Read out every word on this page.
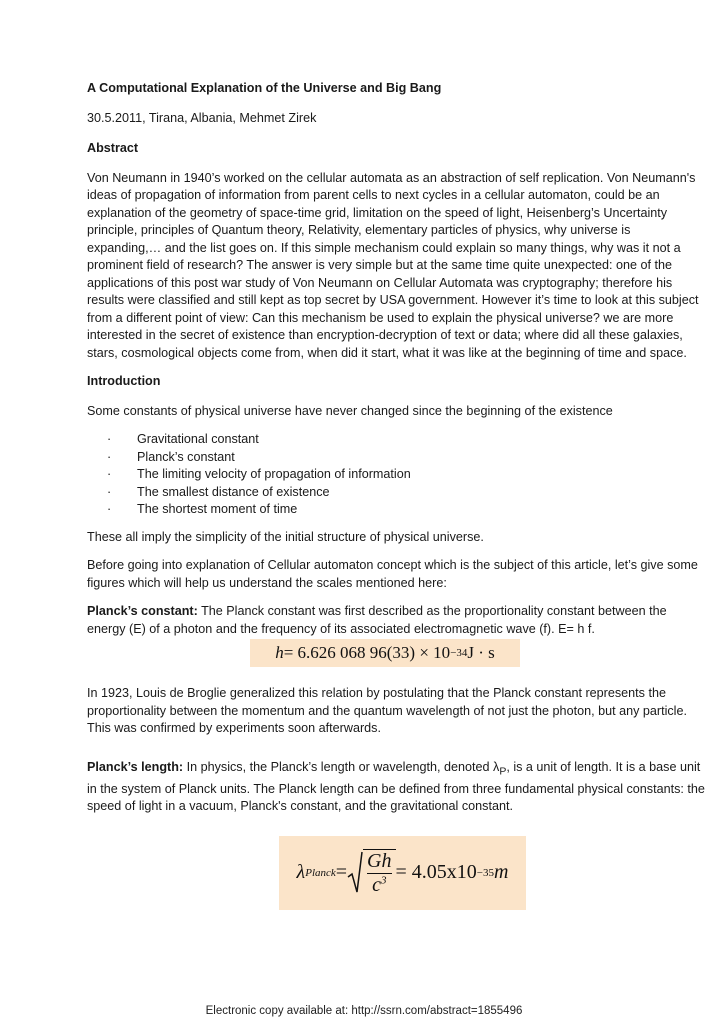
A Computational Explanation of the Universe and Big Bang

30.5.2011, Tirana, Albania, Mehmet Zirek

Abstract

Von Neumann in 1940’s worked on the cellular automata as an abstraction of self replication. Von Neumann's ideas of propagation of information from parent cells to next cycles in a cellular automaton, could be an explanation of the geometry of space-time grid, limitation on the speed of light, Heisenberg’s Uncertainty principle, principles of Quantum theory, Relativity, elementary particles of physics, why universe is expanding,… and the list goes on. If this simple mechanism could explain so many things, why was it not a prominent field of research? The answer is very simple but at the same time quite unexpected: one of the applications of this post war study of Von Neumann on Cellular Automata was cryptography; therefore his results were classified and still kept as top secret by USA government. However it’s time to look at this subject from a different point of view: Can this mechanism be used to explain the physical universe? we are more interested in the secret of existence than encryption-decryption of text or data; where did all these galaxies, stars, cosmological objects come from, when did it start, what it was like at the beginning of time and space.

Introduction

Some constants of physical universe have never changed since the beginning of the existence

· Gravitational constant
· Planck’s constant
· The limiting velocity of propagation of information
· The smallest distance of existence
· The shortest moment of time

These all imply the simplicity of the initial structure of physical universe.

Before going into explanation of Cellular automaton concept which is the subject of this article, let’s give some figures which will help us understand the scales mentioned here:

Planck’s constant: The Planck constant was first described as the proportionality constant between the energy (E) of a photon and the frequency of its associated electromagnetic wave (f). E= h f.

h = 6.626 068 96(33) × 10 −34 J · s

In 1923, Louis de Broglie generalized this relation by postulating that the Planck constant represents the proportionality between the momentum and the quantum wavelength of not just the photon, but any particle. This was confirmed by experiments soon afterwards.

Planck’s length: In physics, the Planck’s length or wavelength, denoted $\lambda_P$, is a unit of length. It is a base unit in the system of Planck units. The Planck length can be defined from three fundamental physical constants: the speed of light in a vacuum, Planck's constant, and the gravitational constant.

λ Planck =
Gh
$c^3 = 4.05x10 -35$ m
Electronic copy available at: http://ssrn.com/abstract=1855496
